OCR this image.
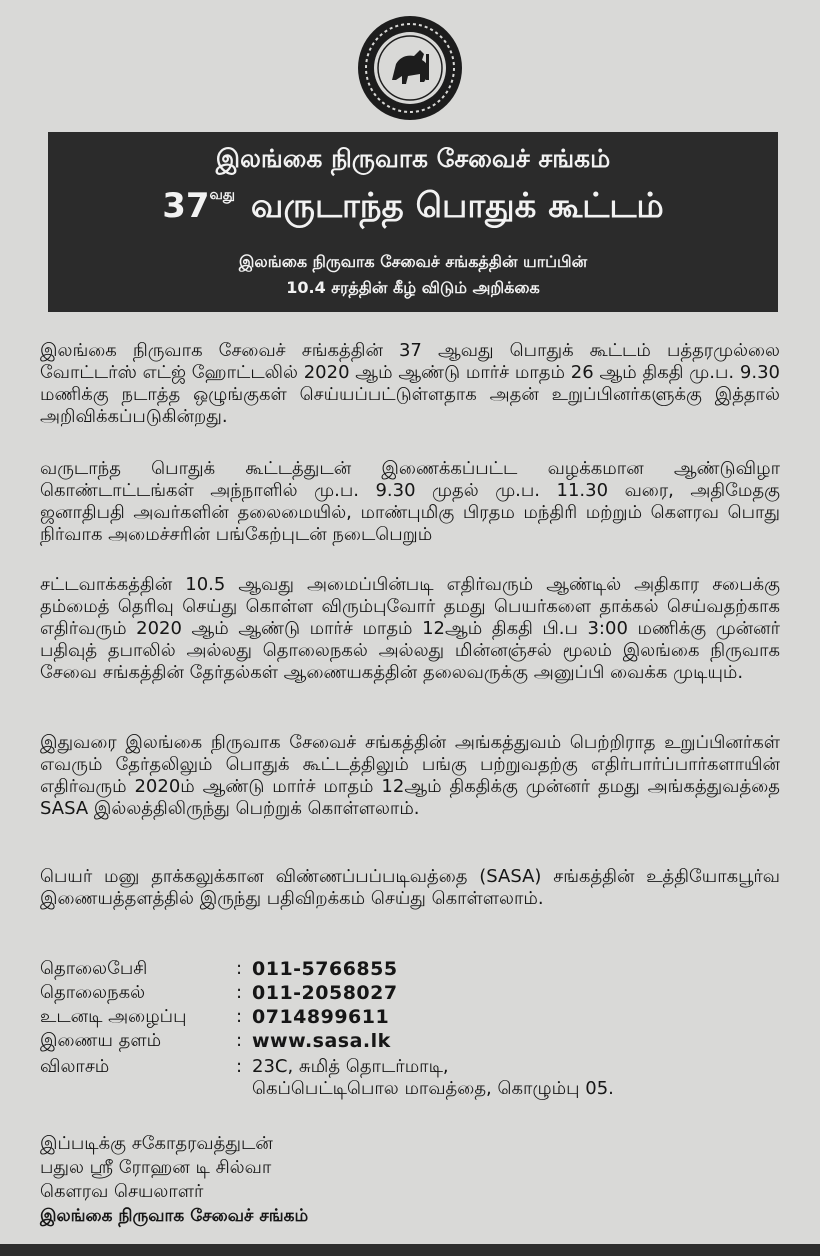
இலங்கை நிருவாக சேவைச் சங்கம்
$37^{வது}$ வருடாந்த பொதுக் கூட்டம்
இலங்கை நிருவாக சேவைச் சங்கத்தின் யாப்பின்
10.4 சரத்தின் கீழ் விடும் அறிக்கை
இலங்கை நிருவாக சேவைச் சங்கத்தின் 37 ஆவது பொதுக் கூட்டம் பத்தரமுல்லை வோட்டர்ஸ் எட்ஜ் ஹோட்டலில் 2020 ஆம் ஆண்டு மார்ச் மாதம் 26 ஆம் திகதி மு.ப. 9.30 மணிக்கு நடாத்த ஒழுங்குகள் செய்யப்பட்டுள்ளதாக அதன் உறுப்பினர்களுக்கு இத்தால் அறிவிக்கப்படுகின்றது.
வருடாந்த பொதுக் கூட்டத்துடன் இணைக்கப்பட்ட வழக்கமான ஆண்டுவிழா கொண்டாட்டங்கள் அந்நாளில் மு.ப. 9.30 முதல் மு.ப. 11.30 வரை, அதிமேதகு ஜனாதிபதி அவர்களின் தலைமையில், மாண்புமிகு பிரதம மந்திரி மற்றும் கௌரவ பொது நிர்வாக அமைச்சரின் பங்கேற்புடன் நடைபெறும்
சட்டவாக்கத்தின் 10.5 ஆவது அமைப்பின்படி எதிர்வரும் ஆண்டில் அதிகார சபைக்கு தம்மைத் தெரிவு செய்து கொள்ள விரும்புவோர் தமது பெயர்களை தாக்கல் செய்வதற்காக எதிர்வரும் 2020 ஆம் ஆண்டு மார்ச் மாதம் 12ஆம் திகதி பி.ப 3:00 மணிக்கு முன்னர் பதிவுத் தபாலில் அல்லது தொலைநகல் அல்லது மின்னஞ்சல் மூலம் இலங்கை நிருவாக சேவை சங்கத்தின் தேர்தல்கள் ஆணையகத்தின் தலைவருக்கு அனுப்பி வைக்க முடியும்.
இதுவரை இலங்கை நிருவாக சேவைச் சங்கத்தின் அங்கத்துவம் பெற்றிராத உறுப்பினர்கள் எவரும் தேர்தலிலும் பொதுக் கூட்டத்திலும் பங்கு பற்றுவதற்கு எதிர்பார்ப்பார்களாயின் எதிர்வரும் 2020ம் ஆண்டு மார்ச் மாதம் 12ஆம் திகதிக்கு முன்னர் தமது அங்கத்துவத்தை SASA இல்லத்திலிருந்து பெற்றுக் கொள்ளலாம்.
பெயர் மனு தாக்கலுக்கான விண்ணப்பப்படிவத்தை (SASA) சங்கத்தின் உத்தியோகபூர்வ இணையத்தளத்தில் இருந்து பதிவிறக்கம் செய்து கொள்ளலாம்.
தொலைபேசி	: 011-5766855
தொலைநகல்	: 011-2058027
உடனடி அழைப்பு	: 0714899611
இணைய தளம்	: www.sasa.lk
விலாசம்	: 23C, சுமித் தொடர்மாடி,
கெப்பெட்டிபொல மாவத்தை, கொழும்பு 05.
இப்படிக்கு சகோதரவத்துடன்
பதுல ஸ்ரீ ரோஹன டி சில்வா
கௌரவ செயலாளர்
இலங்கை நிருவாக சேவைச் சங்கம்
